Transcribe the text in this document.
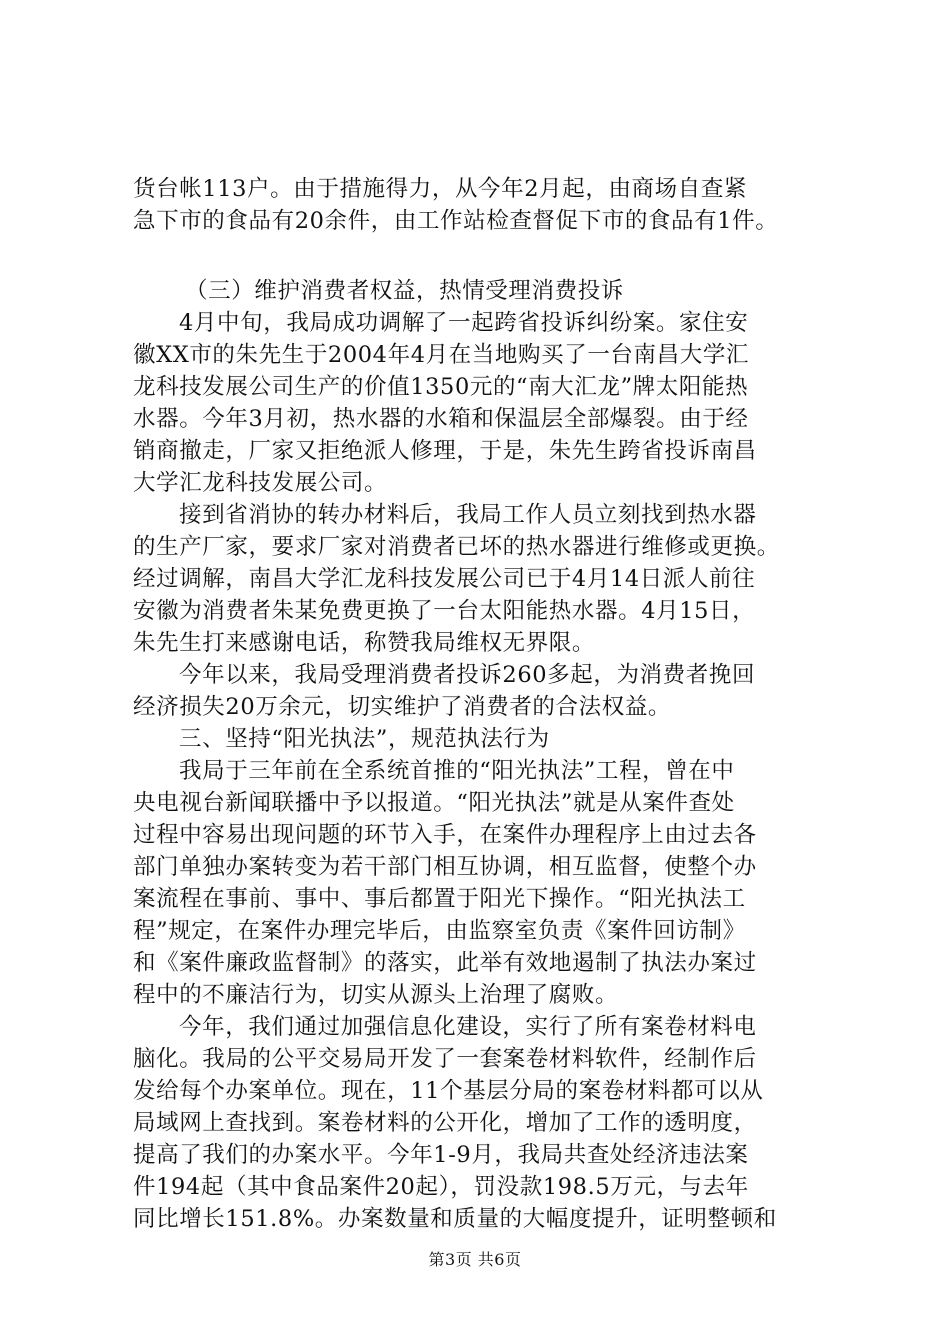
货台帐113户。由于措施得力，从今年2月起，由商场自查紧
急下市的食品有20余件，由工作站检查督促下市的食品有1件。
（三）维护消费者权益，热情受理消费投诉
4月中旬，我局成功调解了一起跨省投诉纠纷案。家住安
徽XX市的朱先生于2004年4月在当地购买了一台南昌大学汇
龙科技发展公司生产的价值1350元的“南大汇龙”牌太阳能热
水器。今年3月初，热水器的水箱和保温层全部爆裂。由于经
销商撤走，厂家又拒绝派人修理，于是，朱先生跨省投诉南昌
大学汇龙科技发展公司。
接到省消协的转办材料后，我局工作人员立刻找到热水器
的生产厂家，要求厂家对消费者已坏的热水器进行维修或更换。
经过调解，南昌大学汇龙科技发展公司已于4月14日派人前往
安徽为消费者朱某免费更换了一台太阳能热水器。4月15日，
朱先生打来感谢电话，称赞我局维权无界限。
今年以来，我局受理消费者投诉260多起，为消费者挽回
经济损失20万余元，切实维护了消费者的合法权益。
三、坚持“阳光执法”，规范执法行为
我局于三年前在全系统首推的“阳光执法”工程，曾在中
央电视台新闻联播中予以报道。“阳光执法”就是从案件查处
过程中容易出现问题的环节入手，在案件办理程序上由过去各
部门单独办案转变为若干部门相互协调，相互监督，使整个办
案流程在事前、事中、事后都置于阳光下操作。“阳光执法工
程”规定，在案件办理完毕后，由监察室负责《案件回访制》
和《案件廉政监督制》的落实，此举有效地遏制了执法办案过
程中的不廉洁行为，切实从源头上治理了腐败。
今年，我们通过加强信息化建设，实行了所有案卷材料电
脑化。我局的公平交易局开发了一套案卷材料软件，经制作后
发给每个办案单位。现在，11个基层分局的案卷材料都可以从
局域网上查找到。案卷材料的公开化，增加了工作的透明度，
提高了我们的办案水平。今年1-9月，我局共查处经济违法案
件194起（其中食品案件20起），罚没款198.5万元，与去年
同比增长151.8%。办案数量和质量的大幅度提升，证明整顿和
第3页 共6页
